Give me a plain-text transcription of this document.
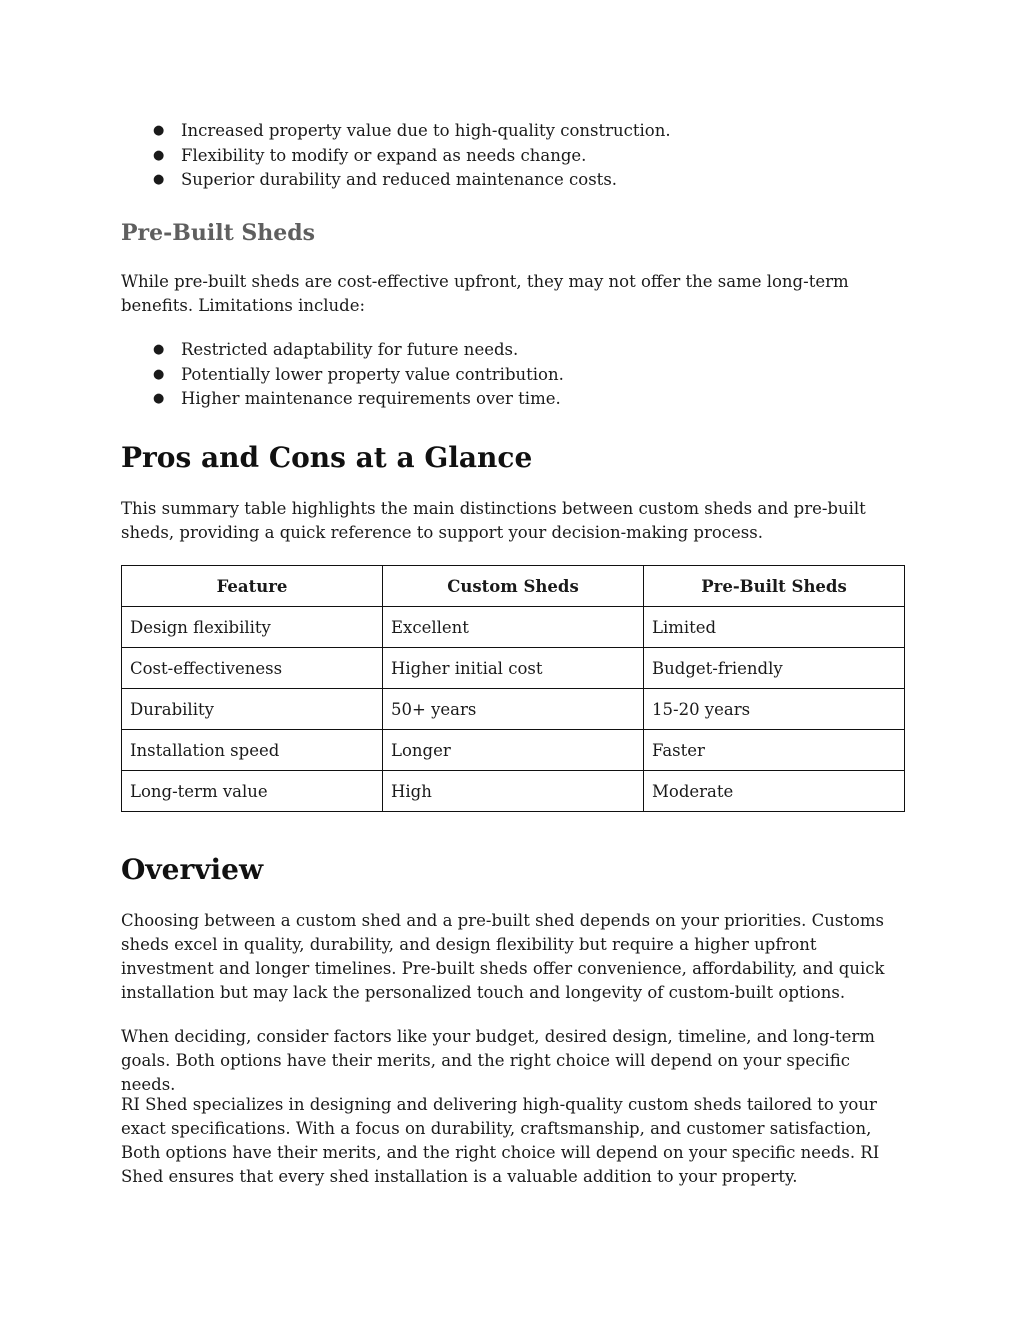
● Increased property value due to high-quality construction.
● Flexibility to modify or expand as needs change.
● Superior durability and reduced maintenance costs.
Pre-Built Sheds

While pre-built sheds are cost-effective upfront, they may not offer the same long-term benefits. Limitations include:

● Restricted adaptability for future needs.
● Potentially lower property value contribution.
● Higher maintenance requirements over time.
Pros and Cons at a Glance

This summary table highlights the main distinctions between custom sheds and pre-built sheds, providing a quick reference to support your decision-making process.

Feature	Custom Sheds	Pre-Built Sheds
Design flexibility	Excellent	Limited
Cost-effectiveness	Higher initial cost	Budget-friendly
Durability	50+ years	15-20 years
Installation speed	Longer	Faster
Long-term value	High	Moderate
Overview

Choosing between a custom shed and a pre-built shed depends on your priorities. Customs sheds excel in quality, durability, and design flexibility but require a higher upfront investment and longer timelines. Pre-built sheds offer convenience, affordability, and quick installation but may lack the personalized touch and longevity of custom-built options.

When deciding, consider factors like your budget, desired design, timeline, and long-term goals. Both options have their merits, and the right choice will depend on your specific needs.

RI Shed specializes in designing and delivering high-quality custom sheds tailored to your exact specifications. With a focus on durability, craftsmanship, and customer satisfaction, Both options have their merits, and the right choice will depend on your specific needs. RI Shed ensures that every shed installation is a valuable addition to your property.
